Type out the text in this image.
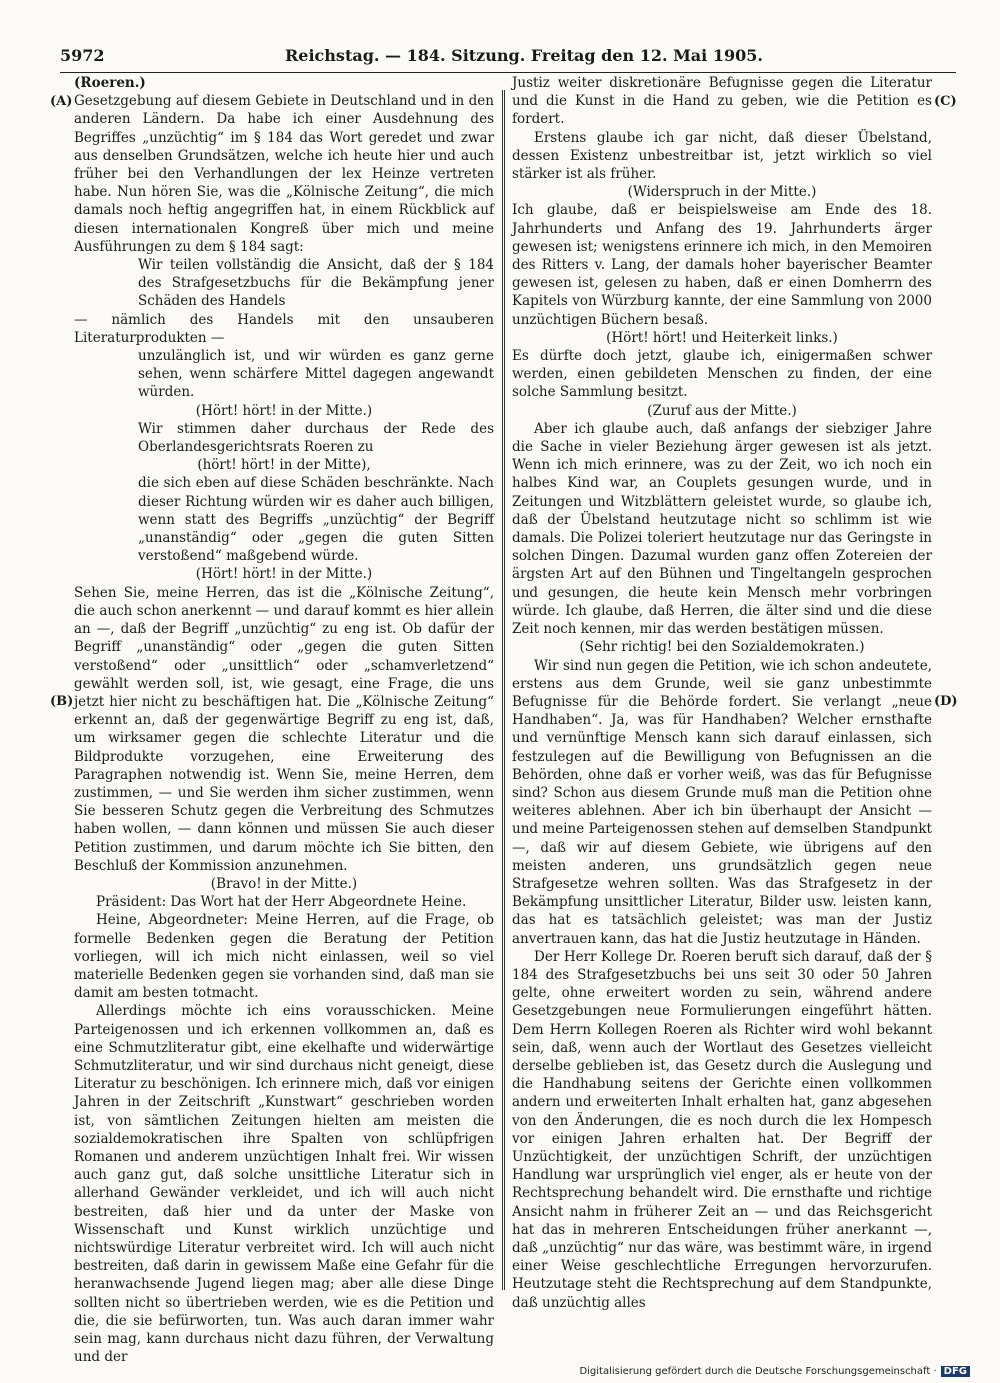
5972	Reichstag. — 184. Sitzung. Freitag den 12. Mai 1905.
(A)
(B)
(C)
(D)

(Roeren.)

Gesetzgebung auf diesem Gebiete in Deutschland und in den anderen Ländern. Da habe ich einer Ausdehnung des Begriffes „unzüchtig“ im § 184 das Wort geredet und zwar aus denselben Grundsätzen, welche ich heute hier und auch früher bei den Verhandlungen der lex Heinze vertreten habe. Nun hören Sie, was die „Kölnische Zeitung“, die mich damals noch heftig angegriffen hat, in einem Rückblick auf diesen internationalen Kongreß über mich und meine Ausführungen zu dem § 184 sagt:

Wir teilen vollständig die Ansicht, daß der § 184 des Strafgesetzbuchs für die Bekämpfung jener Schäden des Handels

— nämlich des Handels mit den unsauberen Literaturprodukten —

unzulänglich ist, und wir würden es ganz gerne sehen, wenn schärfere Mittel dagegen angewandt würden.

(Hört! hört! in der Mitte.)

Wir stimmen daher durchaus der Rede des Oberlandesgerichtsrats Roeren zu

(hört! hört! in der Mitte),

die sich eben auf diese Schäden beschränkte. Nach dieser Richtung würden wir es daher auch billigen, wenn statt des Begriffs „unzüchtig“ der Begriff „unanständig“ oder „gegen die guten Sitten verstoßend“ maßgebend würde.

(Hört! hört! in der Mitte.)

Sehen Sie, meine Herren, das ist die „Kölnische Zeitung“, die auch schon anerkennt — und darauf kommt es hier allein an —, daß der Begriff „unzüchtig“ zu eng ist. Ob dafür der Begriff „unanständig“ oder „gegen die guten Sitten verstoßend“ oder „unsittlich“ oder „schamverletzend“ gewählt werden soll, ist, wie gesagt, eine Frage, die uns jetzt hier nicht zu beschäftigen hat. Die „Kölnische Zeitung“ erkennt an, daß der gegenwärtige Begriff zu eng ist, daß, um wirksamer gegen die schlechte Literatur und die Bildprodukte vorzugehen, eine Erweiterung des Paragraphen notwendig ist. Wenn Sie, meine Herren, dem zustimmen, — und Sie werden ihm sicher zustimmen, wenn Sie besseren Schutz gegen die Verbreitung des Schmutzes haben wollen, — dann können und müssen Sie auch dieser Petition zustimmen, und darum möchte ich Sie bitten, den Beschluß der Kommission anzunehmen.

(Bravo! in der Mitte.)

Präsident: Das Wort hat der Herr Abgeordnete Heine.

Heine, Abgeordneter: Meine Herren, auf die Frage, ob formelle Bedenken gegen die Beratung der Petition vorliegen, will ich mich nicht einlassen, weil so viel materielle Bedenken gegen sie vorhanden sind, daß man sie damit am besten totmacht.

Allerdings möchte ich eins vorausschicken. Meine Parteigenossen und ich erkennen vollkommen an, daß es eine Schmutzliteratur gibt, eine ekelhafte und widerwärtige Schmutzliteratur, und wir sind durchaus nicht geneigt, diese Literatur zu beschönigen. Ich erinnere mich, daß vor einigen Jahren in der Zeitschrift „Kunstwart“ geschrieben worden ist, von sämtlichen Zeitungen hielten am meisten die sozialdemokratischen ihre Spalten von schlüpfrigen Romanen und anderem unzüchtigen Inhalt frei. Wir wissen auch ganz gut, daß solche unsittliche Literatur sich in allerhand Gewänder verkleidet, und ich will auch nicht bestreiten, daß hier und da unter der Maske von Wissenschaft und Kunst wirklich unzüchtige und nichtswürdige Literatur verbreitet wird. Ich will auch nicht bestreiten, daß darin in gewissem Maße eine Gefahr für die heranwachsende Jugend liegen mag; aber alle diese Dinge sollten nicht so übertrieben werden, wie es die Petition und die, die sie befürworten, tun. Was auch daran immer wahr sein mag, kann durchaus nicht dazu führen, der Verwaltung und der

Justiz weiter diskretionäre Befugnisse gegen die Literatur und die Kunst in die Hand zu geben, wie die Petition es fordert.

Erstens glaube ich gar nicht, daß dieser Übelstand, dessen Existenz unbestreitbar ist, jetzt wirklich so viel stärker ist als früher.

(Widerspruch in der Mitte.)

Ich glaube, daß er beispielsweise am Ende des 18. Jahrhunderts und Anfang des 19. Jahrhunderts ärger gewesen ist; wenigstens erinnere ich mich, in den Memoiren des Ritters v. Lang, der damals hoher bayerischer Beamter gewesen ist, gelesen zu haben, daß er einen Domherrn des Kapitels von Würzburg kannte, der eine Sammlung von 2000 unzüchtigen Büchern besaß.

(Hört! hört! und Heiterkeit links.)

Es dürfte doch jetzt, glaube ich, einigermaßen schwer werden, einen gebildeten Menschen zu finden, der eine solche Sammlung besitzt.

(Zuruf aus der Mitte.)

Aber ich glaube auch, daß anfangs der siebziger Jahre die Sache in vieler Beziehung ärger gewesen ist als jetzt. Wenn ich mich erinnere, was zu der Zeit, wo ich noch ein halbes Kind war, an Couplets gesungen wurde, und in Zeitungen und Witzblättern geleistet wurde, so glaube ich, daß der Übelstand heutzutage nicht so schlimm ist wie damals. Die Polizei toleriert heutzutage nur das Geringste in solchen Dingen. Dazumal wurden ganz offen Zotereien der ärgsten Art auf den Bühnen und Tingeltangeln gesprochen und gesungen, die heute kein Mensch mehr vorbringen würde. Ich glaube, daß Herren, die älter sind und die diese Zeit noch kennen, mir das werden bestätigen müssen.

(Sehr richtig! bei den Sozialdemokraten.)

Wir sind nun gegen die Petition, wie ich schon andeutete, erstens aus dem Grunde, weil sie ganz unbestimmte Befugnisse für die Behörde fordert. Sie verlangt „neue Handhaben“. Ja, was für Handhaben? Welcher ernsthafte und vernünftige Mensch kann sich darauf einlassen, sich festzulegen auf die Bewilligung von Befugnissen an die Behörden, ohne daß er vorher weiß, was das für Befugnisse sind? Schon aus diesem Grunde muß man die Petition ohne weiteres ablehnen. Aber ich bin überhaupt der Ansicht — und meine Parteigenossen stehen auf demselben Standpunkt —, daß wir auf diesem Gebiete, wie übrigens auf den meisten anderen, uns grundsätzlich gegen neue Strafgesetze wehren sollten. Was das Strafgesetz in der Bekämpfung unsittlicher Literatur, Bilder usw. leisten kann, das hat es tatsächlich geleistet; was man der Justiz anvertrauen kann, das hat die Justiz heutzutage in Händen.

Der Herr Kollege Dr. Roeren beruft sich darauf, daß der § 184 des Strafgesetzbuchs bei uns seit 30 oder 50 Jahren gelte, ohne erweitert worden zu sein, während andere Gesetzgebungen neue Formulierungen eingeführt hätten. Dem Herrn Kollegen Roeren als Richter wird wohl bekannt sein, daß, wenn auch der Wortlaut des Gesetzes vielleicht derselbe geblieben ist, das Gesetz durch die Auslegung und die Handhabung seitens der Gerichte einen vollkommen andern und erweiterten Inhalt erhalten hat, ganz abgesehen von den Änderungen, die es noch durch die lex Hompesch vor einigen Jahren erhalten hat. Der Begriff der Unzüchtigkeit, der unzüchtigen Schrift, der unzüchtigen Handlung war ursprünglich viel enger, als er heute von der Rechtsprechung behandelt wird. Die ernsthafte und richtige Ansicht nahm in früherer Zeit an — und das Reichsgericht hat das in mehreren Entscheidungen früher anerkannt —, daß „unzüchtig“ nur das wäre, was bestimmt wäre, in irgend einer Weise geschlechtliche Erregungen hervorzurufen. Heutzutage steht die Rechtsprechung auf dem Standpunkte, daß unzüchtig alles

Digitalisierung gefördert durch die Deutsche Forschungsgemeinschaft · DFG
